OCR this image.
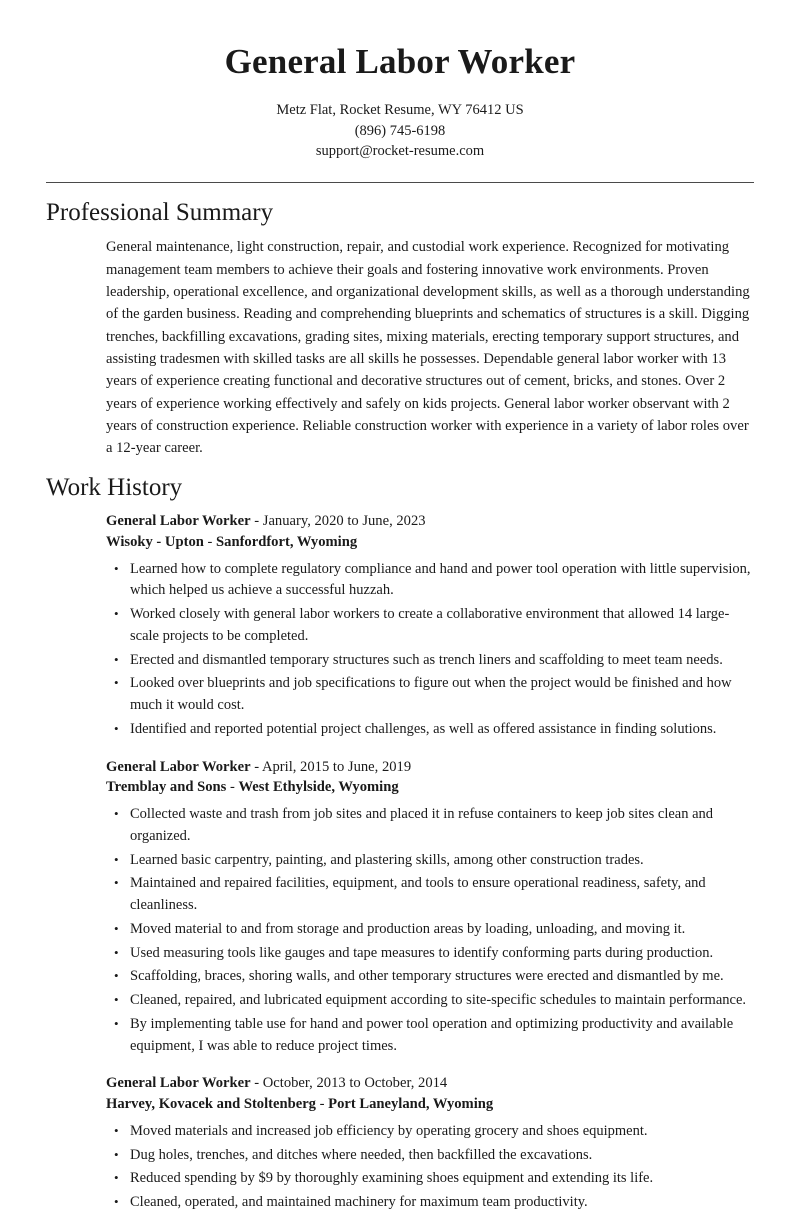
General Labor Worker
Metz Flat, Rocket Resume, WY 76412 US
(896) 745-6198
support@rocket-resume.com
Professional Summary

General maintenance, light construction, repair, and custodial work experience. Recognized for motivating management team members to achieve their goals and fostering innovative work environments. Proven leadership, operational excellence, and organizational development skills, as well as a thorough understanding of the garden business. Reading and comprehending blueprints and schematics of structures is a skill. Digging trenches, backfilling excavations, grading sites, mixing materials, erecting temporary support structures, and assisting tradesmen with skilled tasks are all skills he possesses. Dependable general labor worker with 13 years of experience creating functional and decorative structures out of cement, bricks, and stones. Over 2 years of experience working effectively and safely on kids projects. General labor worker observant with 2 years of construction experience. Reliable construction worker with experience in a variety of labor roles over a 12-year career.

Work History
General Labor Worker - January, 2020 to June, 2023
Wisoky - Upton - Sanfordfort, Wyoming
• Learned how to complete regulatory compliance and hand and power tool operation with little supervision, which helped us achieve a successful huzzah.
• Worked closely with general labor workers to create a collaborative environment that allowed 14 large-scale projects to be completed.
• Erected and dismantled temporary structures such as trench liners and scaffolding to meet team needs.
• Looked over blueprints and job specifications to figure out when the project would be finished and how much it would cost.
• Identified and reported potential project challenges, as well as offered assistance in finding solutions.
General Labor Worker - April, 2015 to June, 2019
Tremblay and Sons - West Ethylside, Wyoming
• Collected waste and trash from job sites and placed it in refuse containers to keep job sites clean and organized.
• Learned basic carpentry, painting, and plastering skills, among other construction trades.
• Maintained and repaired facilities, equipment, and tools to ensure operational readiness, safety, and cleanliness.
• Moved material to and from storage and production areas by loading, unloading, and moving it.
• Used measuring tools like gauges and tape measures to identify conforming parts during production.
• Scaffolding, braces, shoring walls, and other temporary structures were erected and dismantled by me.
• Cleaned, repaired, and lubricated equipment according to site-specific schedules to maintain performance.
• By implementing table use for hand and power tool operation and optimizing productivity and available equipment, I was able to reduce project times.
General Labor Worker - October, 2013 to October, 2014
Harvey, Kovacek and Stoltenberg - Port Laneyland, Wyoming
• Moved materials and increased job efficiency by operating grocery and shoes equipment.
• Dug holes, trenches, and ditches where needed, then backfilled the excavations.
• Reduced spending by $9 by thoroughly examining shoes equipment and extending its life.
• Cleaned, operated, and maintained machinery for maximum team productivity.
